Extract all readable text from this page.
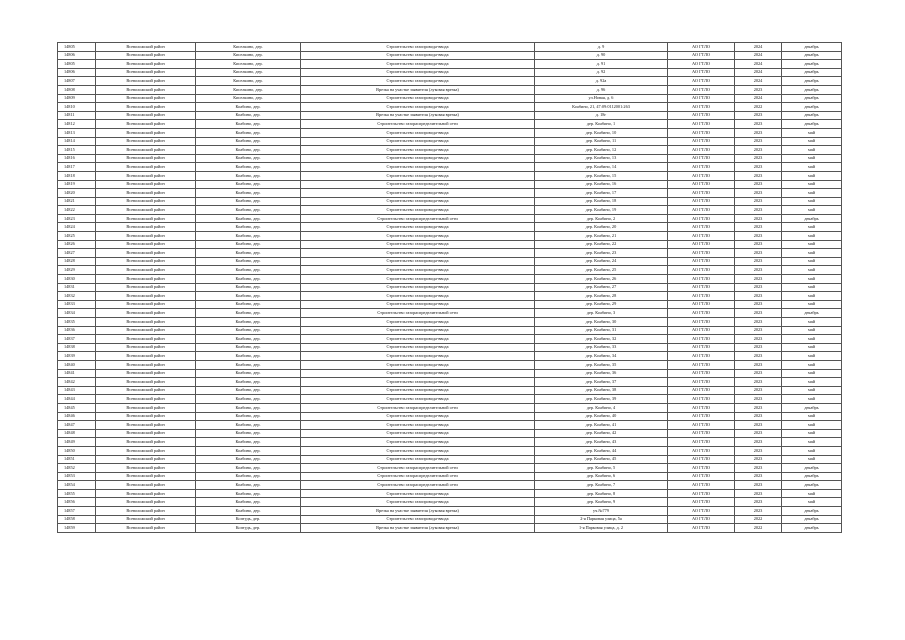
14805	Всеволожский район	Киселкино, дер.	Строительство газопровода-ввода	д. 9	АО ГТЛО	2024	декабрь
14806	Всеволожский район	Киселкино, дер.	Строительство газопровода-ввода	д. 90	АО ГТЛО	2024	декабрь
14805	Всеволожский район	Киселкино, дер.	Строительство газопровода-ввода	д. 91	АО ГТЛО	2024	декабрь
14806	Всеволожский район	Киселкино, дер.	Строительство газопровода-ввода	д. 92	АО ГТЛО	2024	декабрь
14807	Всеволожский район	Киселкино, дер.	Строительство газопровода-ввода	д. 92а	АО ГТЛО	2024	декабрь
14808	Всеволожский район	Киселкино, дер.	Врезка на участке заявителя (луковая врезка)	д. 96	АО ГТЛО	2023	декабрь
14809	Всеволожский район	Киселкино, дер.	Строительство газопровода-ввода	ул.Новая, д. 6	АО ГТЛО	2024	декабрь
14810	Всеволожский район	Коабино, дер.	Строительство газопровода-ввода	Коабино, 21, 47:09:0112001:263	АО ГТЛО	2022	декабрь
14811	Всеволожский район	Коабино, дер.	Врезка на участке заявителя (луковая врезка)	д. 18г	АО ГТЛО	2023	декабрь
14812	Всеволожский район	Коабино, дер.	Строительство газораспределительной сети	дер. Коабино, 1	АО ГТЛО	2023	декабрь
14813	Всеволожский район	Коабино, дер.	Строительство газопровода-ввода	дер. Коабино, 10	АО ГТЛО	2023	май
14814	Всеволожский район	Коабино, дер.	Строительство газопровода-ввода	дер. Коабино, 11	АО ГТЛО	2023	май
14815	Всеволожский район	Коабино, дер.	Строительство газопровода-ввода	дер. Коабино, 12	АО ГТЛО	2023	май
14816	Всеволожский район	Коабино, дер.	Строительство газопровода-ввода	дер. Коабино, 13	АО ГТЛО	2023	май
14817	Всеволожский район	Коабино, дер.	Строительство газопровода-ввода	дер. Коабино, 14	АО ГТЛО	2023	май
14818	Всеволожский район	Коабино, дер.	Строительство газопровода-ввода	дер. Коабино, 15	АО ГТЛО	2023	май
14819	Всеволожский район	Коабино, дер.	Строительство газопровода-ввода	дер. Коабино, 16	АО ГТЛО	2023	май
14820	Всеволожский район	Коабино, дер.	Строительство газопровода-ввода	дер. Коабино, 17	АО ГТЛО	2023	май
14821	Всеволожский район	Коабино, дер.	Строительство газопровода-ввода	дер. Коабино, 18	АО ГТЛО	2023	май
14822	Всеволожский район	Коабино, дер.	Строительство газопровода-ввода	дер. Коабино, 19	АО ГТЛО	2023	май
14823	Всеволожский район	Коабино, дер.	Строительство газораспределительной сети	дер. Коабино, 2	АО ГТЛО	2023	декабрь
14824	Всеволожский район	Коабино, дер.	Строительство газопровода-ввода	дер. Коабино, 20	АО ГТЛО	2023	май
14825	Всеволожский район	Коабино, дер.	Строительство газопровода-ввода	дер. Коабино, 21	АО ГТЛО	2023	май
14826	Всеволожский район	Коабино, дер.	Строительство газопровода-ввода	дер. Коабино, 22	АО ГТЛО	2023	май
14827	Всеволожский район	Коабино, дер.	Строительство газопровода-ввода	дер. Коабино, 23	АО ГТЛО	2023	май
14828	Всеволожский район	Коабино, дер.	Строительство газопровода-ввода	дер. Коабино, 24	АО ГТЛО	2023	май
14829	Всеволожский район	Коабино, дер.	Строительство газопровода-ввода	дер. Коабино, 25	АО ГТЛО	2023	май
14830	Всеволожский район	Коабино, дер.	Строительство газопровода-ввода	дер. Коабино, 26	АО ГТЛО	2023	май
14831	Всеволожский район	Коабино, дер.	Строительство газопровода-ввода	дер. Коабино, 27	АО ГТЛО	2023	май
14832	Всеволожский район	Коабино, дер.	Строительство газопровода-ввода	дер. Коабино, 28	АО ГТЛО	2023	май
14833	Всеволожский район	Коабино, дер.	Строительство газопровода-ввода	дер. Коабино, 29	АО ГТЛО	2023	май
14834	Всеволожский район	Коабино, дер.	Строительство газораспределительной сети	дер. Коабино, 3	АО ГТЛО	2023	декабрь
14835	Всеволожский район	Коабино, дер.	Строительство газопровода-ввода	дер. Коабино, 30	АО ГТЛО	2023	май
14836	Всеволожский район	Коабино, дер.	Строительство газопровода-ввода	дер. Коабино, 31	АО ГТЛО	2023	май
14837	Всеволожский район	Коабино, дер.	Строительство газопровода-ввода	дер. Коабино, 32	АО ГТЛО	2023	май
14838	Всеволожский район	Коабино, дер.	Строительство газопровода-ввода	дер. Коабино, 33	АО ГТЛО	2023	май
14839	Всеволожский район	Коабино, дер.	Строительство газопровода-ввода	дер. Коабино, 34	АО ГТЛО	2023	май
14840	Всеволожский район	Коабино, дер.	Строительство газопровода-ввода	дер. Коабино, 35	АО ГТЛО	2023	май
14841	Всеволожский район	Коабино, дер.	Строительство газопровода-ввода	дер. Коабино, 36	АО ГТЛО	2023	май
14842	Всеволожский район	Коабино, дер.	Строительство газопровода-ввода	дер. Коабино, 37	АО ГТЛО	2023	май
14843	Всеволожский район	Коабино, дер.	Строительство газопровода-ввода	дер. Коабино, 38	АО ГТЛО	2023	май
14844	Всеволожский район	Коабино, дер.	Строительство газопровода-ввода	дер. Коабино, 39	АО ГТЛО	2023	май
14845	Всеволожский район	Коабино, дер.	Строительство газораспределительной сети	дер. Коабино, 4	АО ГТЛО	2023	декабрь
14846	Всеволожский район	Коабино, дер.	Строительство газопровода-ввода	дер. Коабино, 40	АО ГТЛО	2023	май
14847	Всеволожский район	Коабино, дер.	Строительство газопровода-ввода	дер. Коабино, 41	АО ГТЛО	2023	май
14848	Всеволожский район	Коабино, дер.	Строительство газопровода-ввода	дер. Коабино, 42	АО ГТЛО	2023	май
14849	Всеволожский район	Коабино, дер.	Строительство газопровода-ввода	дер. Коабино, 43	АО ГТЛО	2023	май
14850	Всеволожский район	Коабино, дер.	Строительство газопровода-ввода	дер. Коабино, 44	АО ГТЛО	2023	май
14851	Всеволожский район	Коабино, дер.	Строительство газопровода-ввода	дер. Коабино, 45	АО ГТЛО	2023	май
14852	Всеволожский район	Коабино, дер.	Строительство газораспределительной сети	дер. Коабино, 5	АО ГТЛО	2023	декабрь
14853	Всеволожский район	Коабино, дер.	Строительство газораспределительной сети	дер. Коабино, 6	АО ГТЛО	2023	декабрь
14854	Всеволожский район	Коабино, дер.	Строительство газораспределительной сети	дер. Коабино, 7	АО ГТЛО	2023	декабрь
14855	Всеволожский район	Коабино, дер.	Строительство газопровода-ввода	дер. Коабино, 8	АО ГТЛО	2023	май
14856	Всеволожский район	Коабино, дер.	Строительство газопровода-ввода	дер. Коабино, 9	АО ГТЛО	2023	май
14857	Всеволожский район	Коабино, дер.	Врезка на участке заявителя (луковая врезка)	уч.№779	АО ГТЛО	2023	декабрь
14858	Всеволожский район	Коптудь, дер.	Строительство газопровода-ввода	2-я Парковая улица, 5а	АО ГТЛО	2022	декабрь
14859	Всеволожский район	Коптудь, дер.	Врезка на участке заявителя (луковая врезка)	1-я Парковая улица, д. 2	АО ГТЛО	2022	декабрь
